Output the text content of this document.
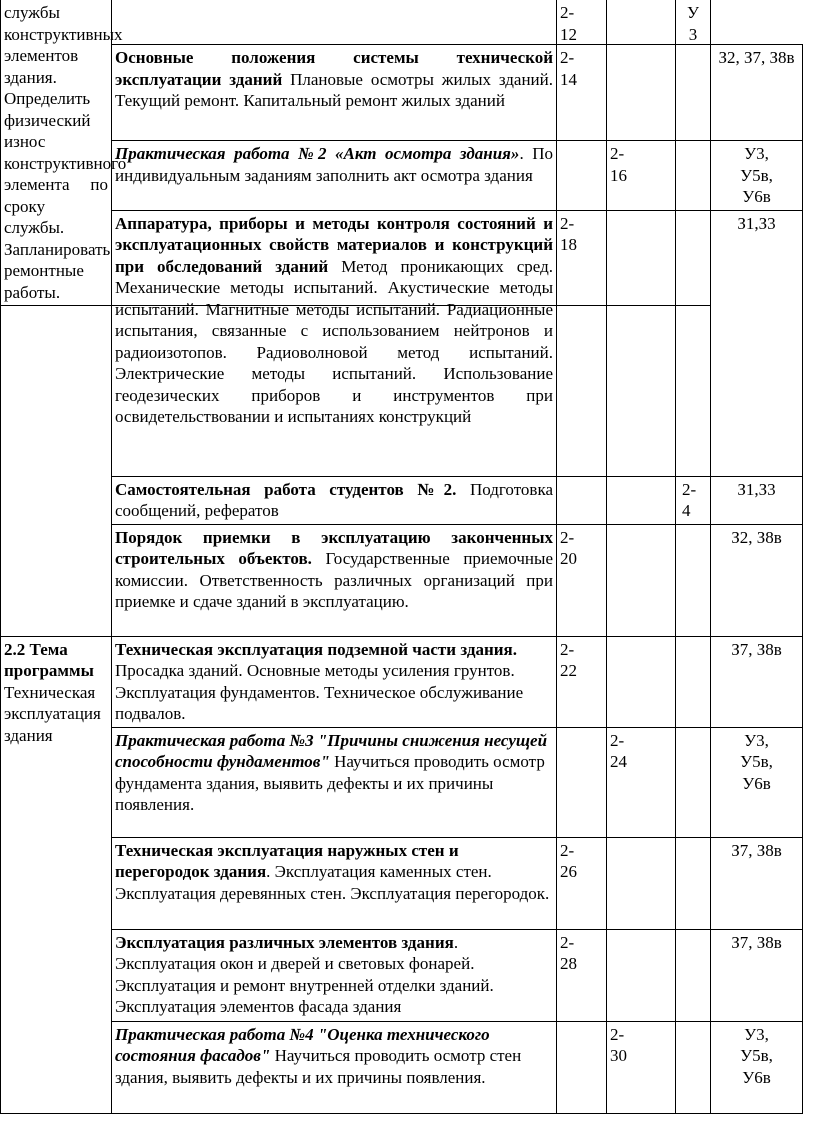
службы конструктивных элементов здания. Определить физический износ конструктивного элемента по сроку службы. Запланировать ремонтные работы.		2-
12		У
3	
	Основные положения системы технической эксплуатации зданий Плановые осмотры жилых зданий. Текущий ремонт. Капитальный ремонт жилых зданий	2-
14			З2, З7, З8в
	Практическая работа №2 «Акт осмотра здания». По индивидуальным заданиям заполнить акт осмотра здания		2-
16		У3,
У5в,
У6в
	Аппаратура, приборы и методы контроля состояний и эксплуатационных свойств материалов и конструкций при обследований зданий Метод проникающих сред. Механические методы испытаний. Акустические методы испытаний. Магнитные методы испытаний. Радиационные испытания, связанные с использованием нейтронов и радиоизотопов. Радиоволновой метод испытаний. Электрические методы испытаний. Использование геодезических приборов и инструментов при освидетельствовании и испытаниях конструкций	2-
18			З1,З3
	Самостоятельная работа студентов №2. Подготовка сообщений, рефератов			2-
4	З1,З3
	Порядок приемки в эксплуатацию законченных строительных объектов. Государственные приемочные комиссии. Ответственность различных организаций при приемке и сдаче зданий в эксплуатацию.	2-
20			З2, З8в
2.2 Тема программы
Техническая эксплуатация здания	Техническая эксплуатация подземной части здания. Просадка зданий. Основные методы усиления грунтов. Эксплуатация фундаментов. Техническое обслуживание подвалов.	2-
22			З7, З8в
	Практическая работа №3 "Причины снижения несущей способности фундаментов" Научиться проводить осмотр фундамента здания, выявить дефекты и их причины появления.		2-
24		У3,
У5в,
У6в
	Техническая эксплуатация наружных стен и перегородок здания. Эксплуатация каменных стен. Эксплуатация деревянных стен. Эксплуатация перегородок.	2-
26			З7, З8в
	Эксплуатация различных элементов здания. Эксплуатация окон и дверей и световых фонарей. Эксплуатация и ремонт внутренней отделки зданий. Эксплуатация элементов фасада здания	2-
28			З7, З8в
	Практическая работа №4 "Оценка технического состояния фасадов" Научиться проводить осмотр стен здания, выявить дефекты и их причины появления.		2-
30		У3,
У5в,
У6в
